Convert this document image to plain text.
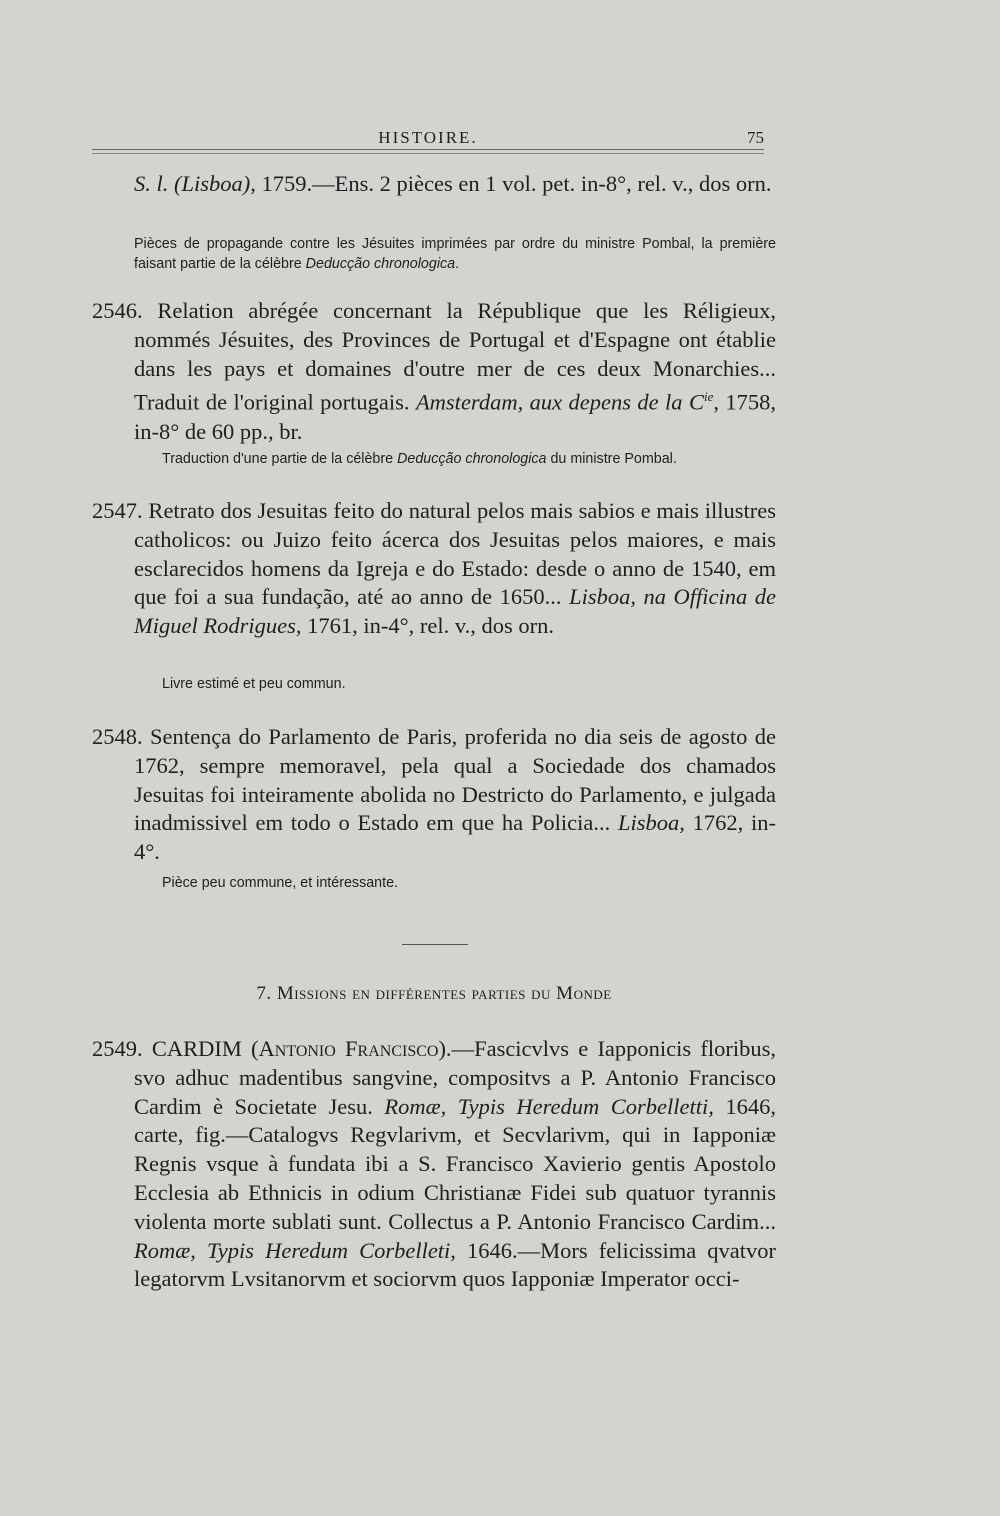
HISTOIRE.	75
S. l. (Lisboa), 1759.—Ens. 2 pièces en 1 vol. pet. in-8°, rel. v., dos orn.
Pièces de propagande contre les Jésuites imprimées par ordre du ministre Pombal, la première faisant partie de la célèbre Deducção chronologica.
2546. Relation abrégée concernant la République que les Réligieux, nommés Jésuites, des Provinces de Portugal et d'Espagne ont établie dans les pays et domaines d'outre mer de ces deux Monarchies... Traduit de l'original portugais. Amsterdam, aux depens de la $C^{ie}$, 1758, in-8° de 60 pp., br.
Traduction d'une partie de la célèbre Deducção chronologica du ministre Pombal.
2547. Retrato dos Jesuitas feito do natural pelos mais sabios e mais illustres catholicos: ou Juizo feito ácerca dos Jesuitas pelos maiores, e mais esclarecidos homens da Igreja e do Estado: desde o anno de 1540, em que foi a sua fundação, até ao anno de 1650... Lisboa, na Officina de Miguel Rodrigues, 1761, in-4°, rel. v., dos orn.
Livre estimé et peu commun.
2548. Sentença do Parlamento de Paris, proferida no dia seis de agosto de 1762, sempre memoravel, pela qual a Sociedade dos chamados Jesuitas foi inteiramente abolida no Destricto do Parlamento, e julgada inadmissivel em todo o Estado em que ha Policia... Lisboa, 1762, in-4°.
Pièce peu commune, et intéressante.
7. Missions en différentes parties du Monde
2549. CARDIM (Antonio Francisco).—Fascicvlvs e Iapponicis floribus, svo adhuc madentibus sangvine, compositvs a P. Antonio Francisco Cardim è Societate Jesu. Romæ, Typis Heredum Corbelletti, 1646, carte, fig.—Catalogvs Regvlarivm, et Secvlarivm, qui in Iapponiæ Regnis vsque à fundata ibi a S. Francisco Xavierio gentis Apostolo Ecclesia ab Ethnicis in odium Christianæ Fidei sub quatuor tyrannis violenta morte sublati sunt. Collectus a P. Antonio Francisco Cardim... Romæ, Typis Heredum Corbelleti, 1646.—Mors felicissima qvatvor legatorvm Lvsitanorvm et sociorvm quos Iapponiæ Imperator occi-
